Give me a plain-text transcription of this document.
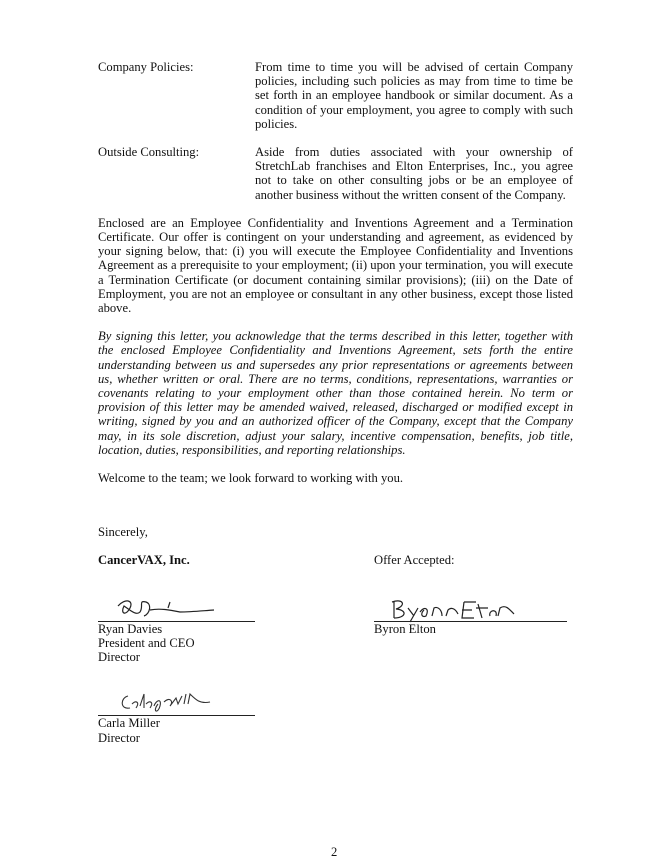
Company Policies:	From time to time you will be advised of certain Company policies, including such policies as may from time to time be set forth in an employee handbook or similar document. As a condition of your employment, you agree to comply with such policies.
Outside Consulting:	Aside from duties associated with your ownership of StretchLab franchises and Elton Enterprises, Inc., you agree not to take on other consulting jobs or be an employee of another business without the written consent of the Company.
Enclosed are an Employee Confidentiality and Inventions Agreement and a Termination Certificate. Our offer is contingent on your understanding and agreement, as evidenced by your signing below, that: (i) you will execute the Employee Confidentiality and Inventions Agreement as a prerequisite to your employment; (ii) upon your termination, you will execute a Termination Certificate (or document containing similar provisions); (iii) on the Date of Employment, you are not an employee or consultant in any other business, except those listed above.
By signing this letter, you acknowledge that the terms described in this letter, together with the enclosed Employee Confidentiality and Inventions Agreement, sets forth the entire understanding between us and supersedes any prior representations or agreements between us, whether written or oral. There are no terms, conditions, representations, warranties or covenants relating to your employment other than those contained herein. No term or provision of this letter may be amended waived, released, discharged or modified except in writing, signed by you and an authorized officer of the Company, except that the Company may, in its sole discretion, adjust your salary, incentive compensation, benefits, job title, location, duties, responsibilities, and reporting relationships.
Welcome to the team; we look forward to working with you.
Sincerely,
CancerVAX, Inc.
Ryan Davies
President and CEO
Director
Offer Accepted:
Byron Elton
Carla Miller
Director
2
